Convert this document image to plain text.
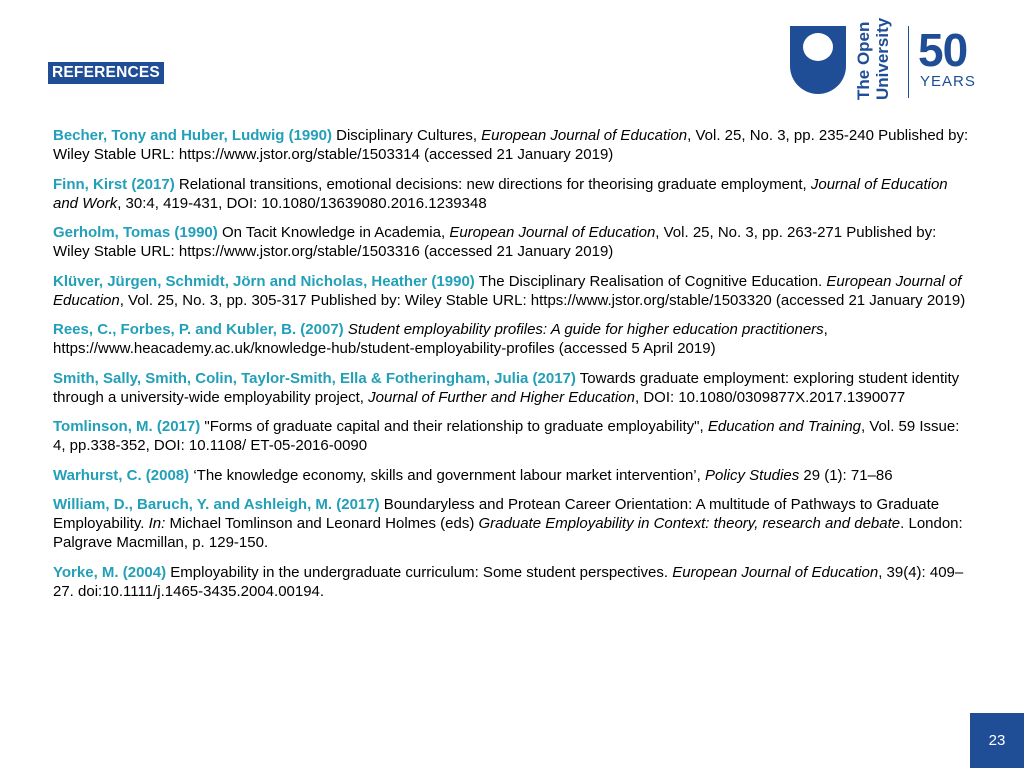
REFERENCES	The Open University 50
YEARS

Becher, Tony and Huber, Ludwig (1990) Disciplinary Cultures, European Journal of Education, Vol. 25, No. 3, pp. 235-240 Published by: Wiley Stable URL: https://www.jstor.org/stable/1503314 (accessed 21 January 2019)

Finn, Kirst (2017) Relational transitions, emotional decisions: new directions for theorising graduate employment, Journal of Education and Work, 30:4, 419-431, DOI: 10.1080/13639080.2016.1239348

Gerholm, Tomas (1990) On Tacit Knowledge in Academia, European Journal of Education, Vol. 25, No. 3, pp. 263-271 Published by: Wiley Stable URL: https://www.jstor.org/stable/1503316 (accessed 21 January 2019)

Klüver, Jürgen, Schmidt, Jörn and Nicholas, Heather (1990) The Disciplinary Realisation of Cognitive Education. European Journal of Education, Vol. 25, No. 3, pp. 305-317 Published by: Wiley Stable URL: https://www.jstor.org/stable/1503320 (accessed 21 January 2019)

Rees, C., Forbes, P. and Kubler, B. (2007) Student employability profiles: A guide for higher education practitioners, https://www.heacademy.ac.uk/knowledge-hub/student-employability-profiles (accessed 5 April 2019)

Smith, Sally, Smith, Colin, Taylor-Smith, Ella & Fotheringham, Julia (2017) Towards graduate employment: exploring student identity through a university-wide employability project, Journal of Further and Higher Education, DOI: 10.1080/0309877X.2017.1390077

Tomlinson, M. (2017) "Forms of graduate capital and their relationship to graduate employability", Education and Training, Vol. 59 Issue: 4, pp.338-352, DOI: 10.1108/ ET-05-2016-0090

Warhurst, C. (2008) ‘The knowledge economy, skills and government labour market intervention’, Policy Studies 29 (1): 71–86

William, D., Baruch, Y. and Ashleigh, M. (2017) Boundaryless and Protean Career Orientation: A multitude of Pathways to Graduate Employability. In: Michael Tomlinson and Leonard Holmes (eds) Graduate Employability in Context: theory, research and debate. London: Palgrave Macmillan, p. 129-150.

Yorke, M. (2004) Employability in the undergraduate curriculum: Some student perspectives. European Journal of Education, 39(4): 409–27. doi:10.1111/j.1465-3435.2004.00194.

23
